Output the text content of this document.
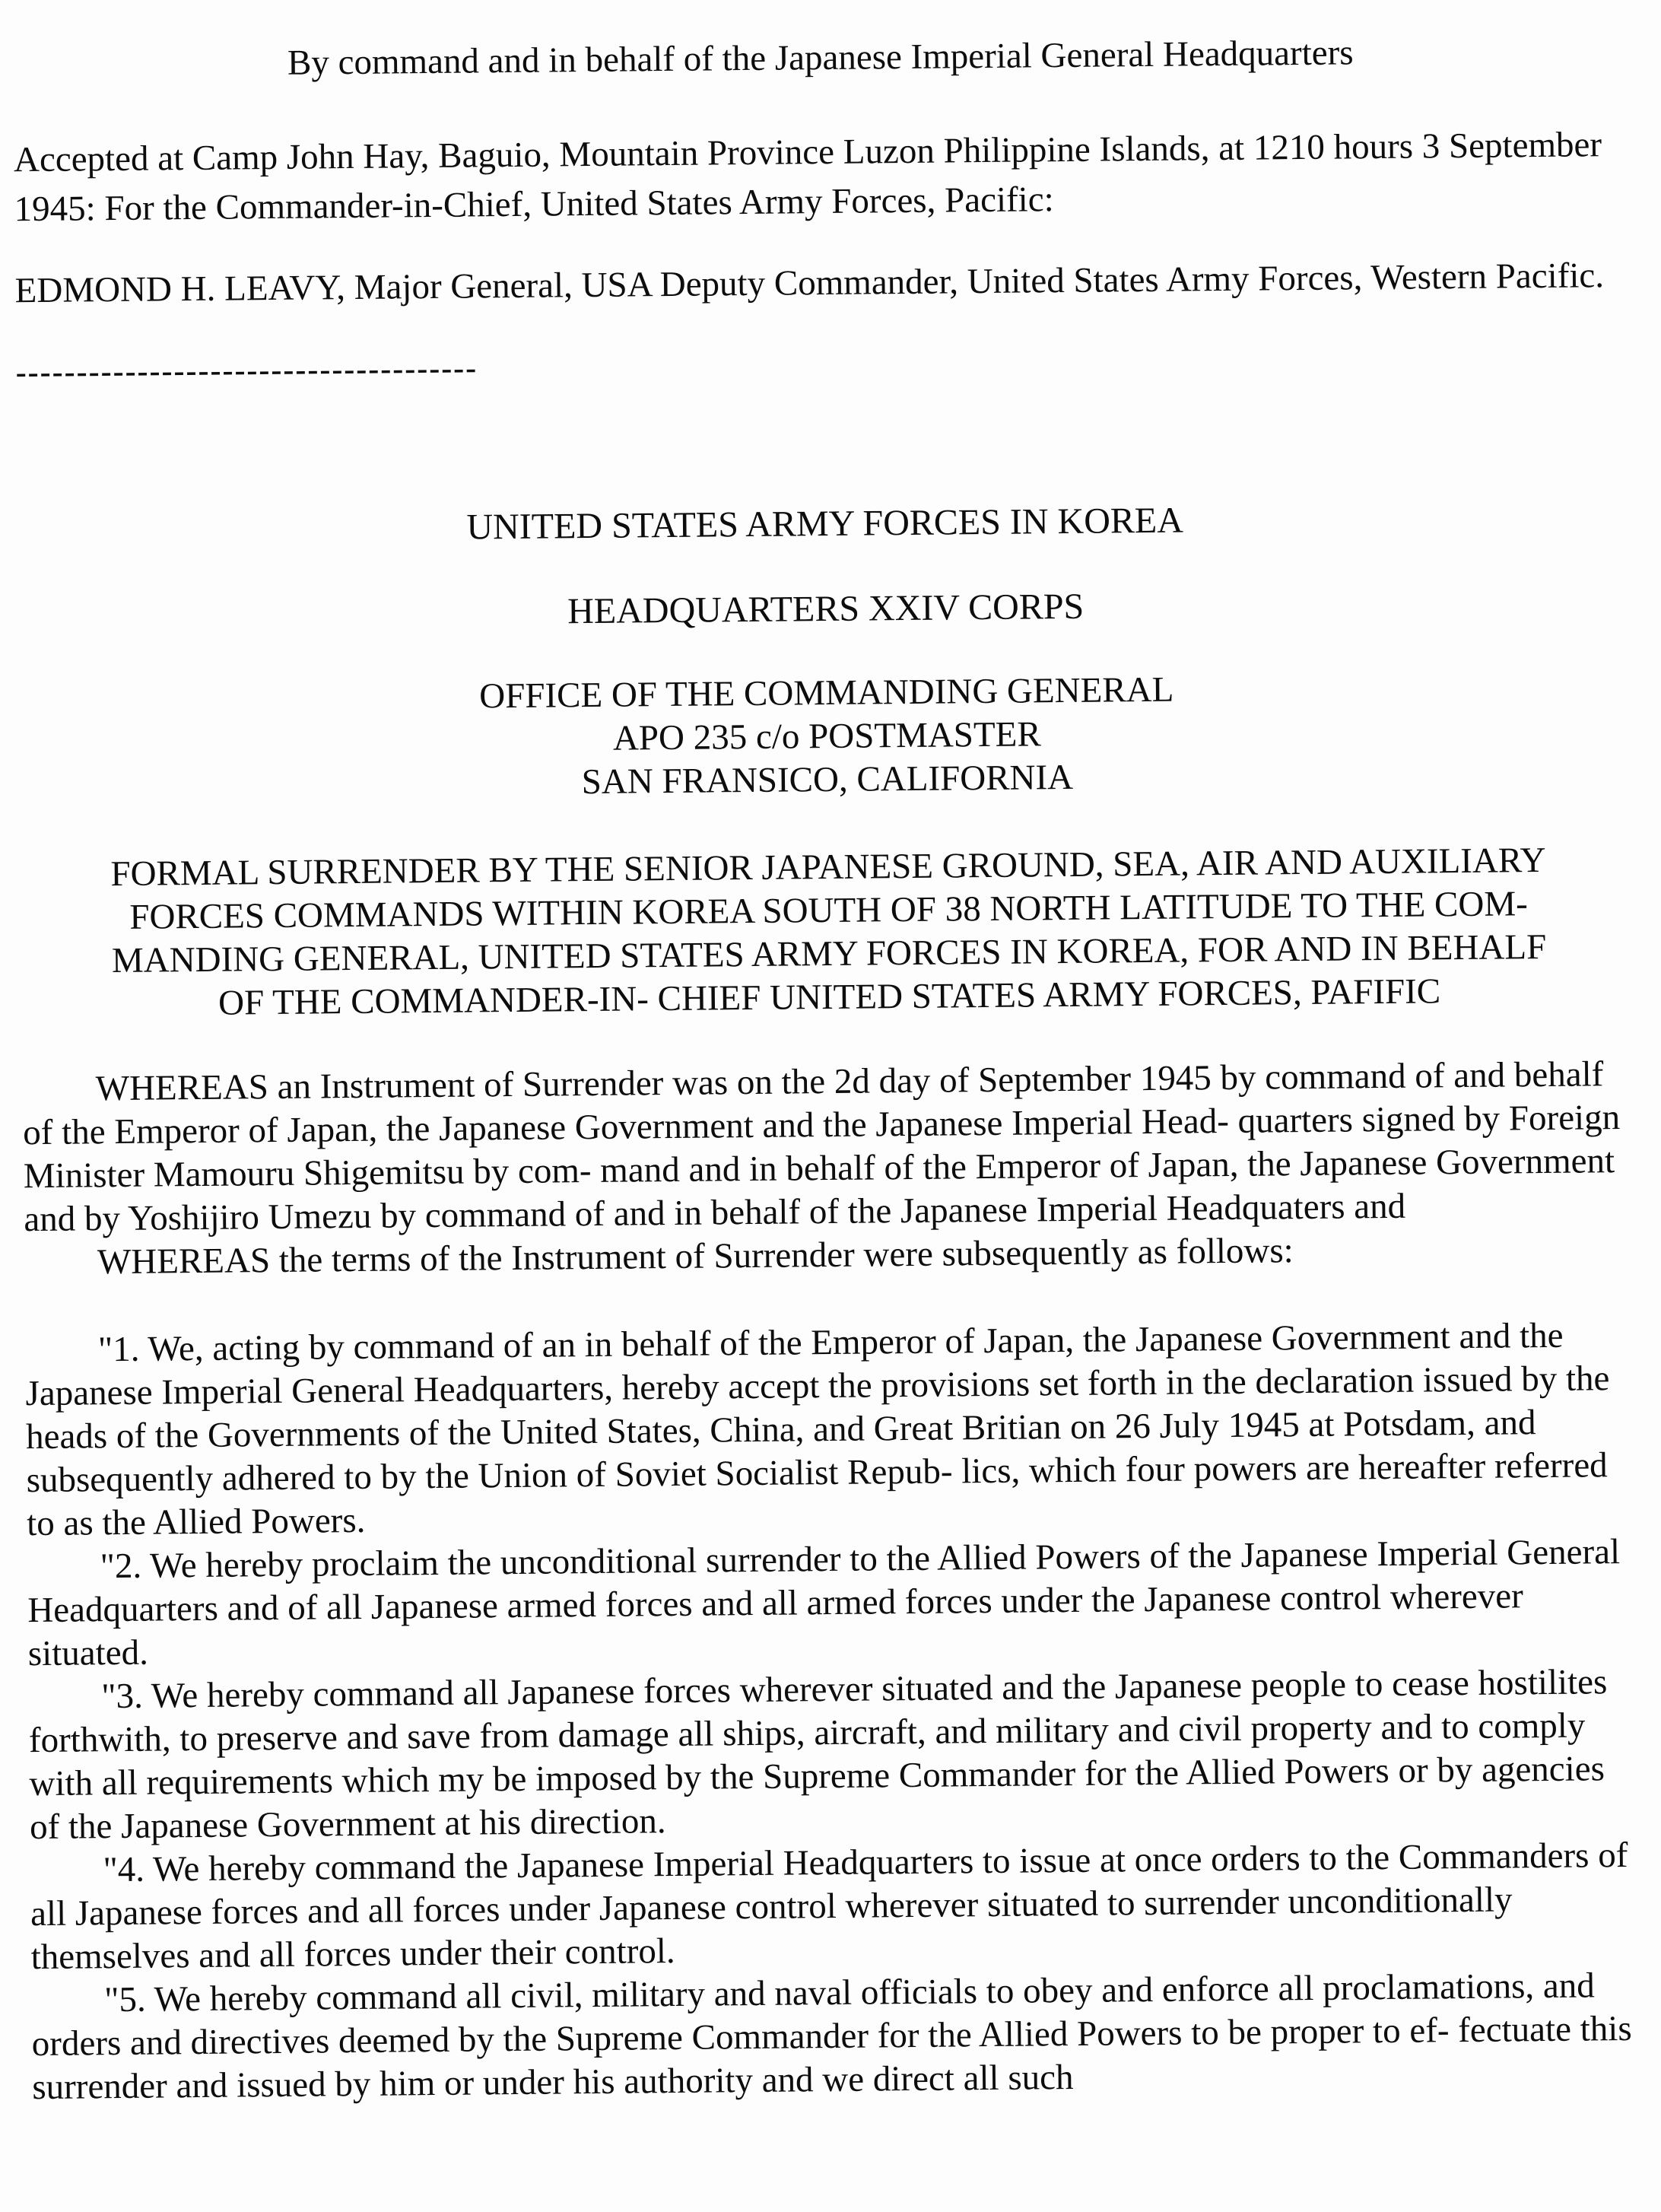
By command and in behalf of the Japanese Imperial General Headquarters

Accepted at Camp John Hay, Baguio, Mountain Province Luzon Philippine Islands, at 1210 hours 3 September 1945: For the Commander-in-Chief, United States Army Forces, Pacific:

EDMOND H. LEAVY, Major General, USA Deputy Commander, United States Army Forces, Western Pacific.

--------------------------------------
UNITED STATES ARMY FORCES IN KOREA
HEADQUARTERS XXIV CORPS
OFFICE OF THE COMMANDING GENERAL
APO 235 c/o POSTMASTER
SAN FRANSICO, CALIFORNIA
FORMAL SURRENDER BY THE SENIOR JAPANESE GROUND, SEA, AIR AND AUXILIARY
FORCES COMMANDS WITHIN KOREA SOUTH OF 38 NORTH LATITUDE TO THE COM-
MANDING GENERAL, UNITED STATES ARMY FORCES IN KOREA, FOR AND IN BEHALF
OF THE COMMANDER-IN- CHIEF UNITED STATES ARMY FORCES, PAFIFIC

WHEREAS an Instrument of Surrender was on the 2d day of September 1945 by command of and behalf of the Emperor of Japan, the Japanese Government and the Japanese Imperial Head- quarters signed by Foreign Minister Mamouru Shigemitsu by com- mand and in behalf of the Emperor of Japan, the Japanese Government and by Yoshijiro Umezu by command of and in behalf of the Japanese Imperial Headquaters and

WHEREAS the terms of the Instrument of Surrender were subsequently as follows:

"1. We, acting by command of an in behalf of the Emperor of Japan, the Japanese Government and the Japanese Imperial General Headquarters, hereby accept the provisions set forth in the declaration issued by the heads of the Governments of the United States, China, and Great Britian on 26 July 1945 at Potsdam, and subsequently adhered to by the Union of Soviet Socialist Repub- lics, which four powers are hereafter referred to as the Allied Powers.

"2. We hereby proclaim the unconditional surrender to the Allied Powers of the Japanese Imperial General Headquarters and of all Japanese armed forces and all armed forces under the Japanese control wherever situated.

"3. We hereby command all Japanese forces wherever situated and the Japanese people to cease hostilites forthwith, to preserve and save from damage all ships, aircraft, and military and civil property and to comply with all requirements which my be imposed by the Supreme Commander for the Allied Powers or by agencies of the Japanese Government at his direction.

"4. We hereby command the Japanese Imperial Headquarters to issue at once orders to the Commanders of all Japanese forces and all forces under Japanese control wherever situated to surrender unconditionally themselves and all forces under their control.

"5. We hereby command all civil, military and naval officials to obey and enforce all proclamations, and orders and directives deemed by the Supreme Commander for the Allied Powers to be proper to ef- fectuate this surrender and issued by him or under his authority and we direct all such
